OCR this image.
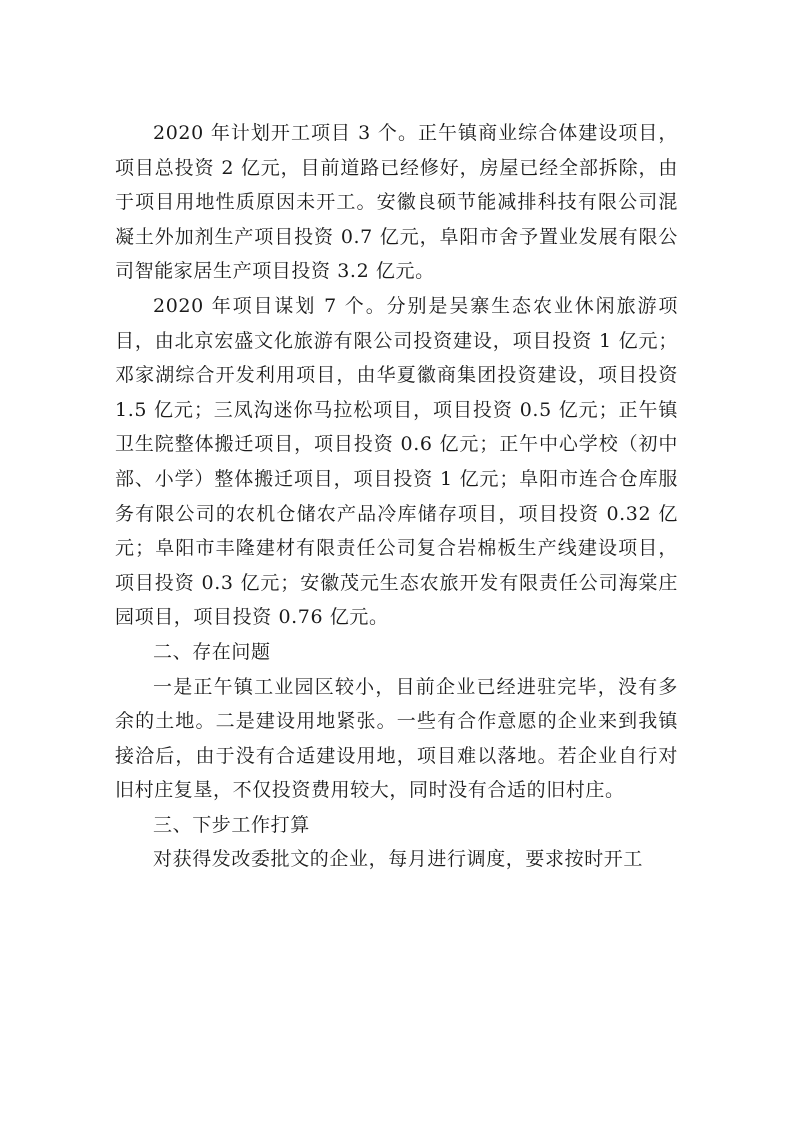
2020 年计划开工项目 3 个。正午镇商业综合体建设项目，项目总投资 2 亿元，目前道路已经修好，房屋已经全部拆除，由于项目用地性质原因未开工。安徽良硕节能减排科技有限公司混凝土外加剂生产项目投资 0.7 亿元，阜阳市舍予置业发展有限公司智能家居生产项目投资 3.2 亿元。

2020 年项目谋划 7 个。分别是吴寨生态农业休闲旅游项目，由北京宏盛文化旅游有限公司投资建设，项目投资 1 亿元；邓家湖综合开发利用项目，由华夏徽商集团投资建设，项目投资 1.5 亿元；三凤沟迷你马拉松项目，项目投资 0.5 亿元；正午镇卫生院整体搬迁项目，项目投资 0.6 亿元；正午中心学校（初中部、小学）整体搬迁项目，项目投资 1 亿元；阜阳市连合仓库服务有限公司的农机仓储农产品冷库储存项目，项目投资 0.32 亿元；阜阳市丰隆建材有限责任公司复合岩棉板生产线建设项目，项目投资 0.3 亿元；安徽茂元生态农旅开发有限责任公司海棠庄园项目，项目投资 0.76 亿元。

二、存在问题

一是正午镇工业园区较小，目前企业已经进驻完毕，没有多余的土地。二是建设用地紧张。一些有合作意愿的企业来到我镇接洽后，由于没有合适建设用地，项目难以落地。若企业自行对旧村庄复垦，不仅投资费用较大，同时没有合适的旧村庄。

三、下步工作打算

对获得发改委批文的企业，每月进行调度，要求按时开工
